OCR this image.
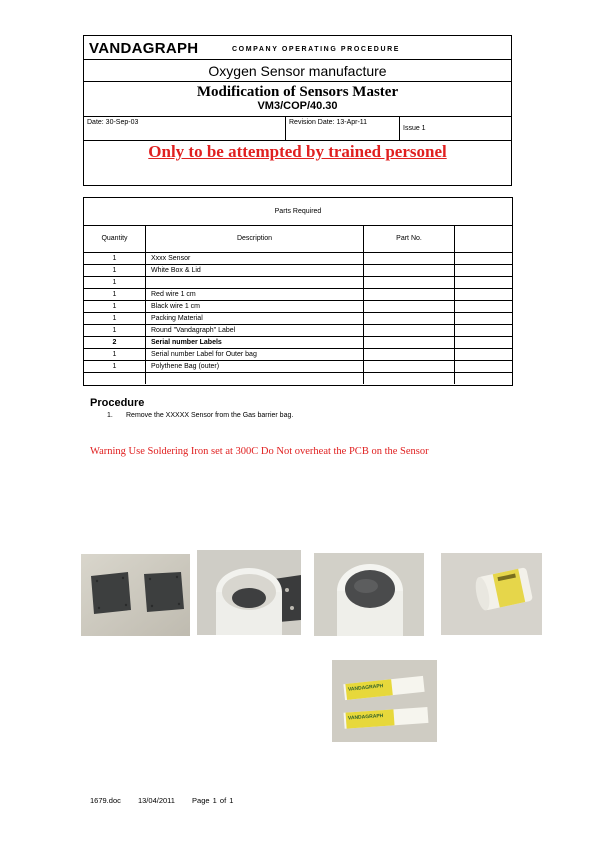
VANDAGRAPH	COMPANY OPERATING PROCEDURE
Oxygen Sensor manufacture
Modification of Sensors Master
VM3/COP/40.30
Date: 30-Sep-03	Revision Date: 13-Apr-11
Issue 1
Only to be attempted by trained personel
Parts Required
Quantity	Description	Part No.
1	Xxxx Sensor
1	White Box & Lid
1
1	Red wire 1 cm
1	Black wire 1 cm
1	Packing Material
1	Round "Vandagraph" Label
2	Serial number Labels
1	Serial number Label for Outer bag
1	Polythene Bag (outer)
Procedure
1. Remove the XXXXX Sensor from the Gas barrier bag.
Warning Use Soldering Iron set at 300C Do Not overheat the PCB on the Sensor
VANDAGRAPH
VANDAGRAPH
1679.doc 13/04/2011 Page 1 of 1
